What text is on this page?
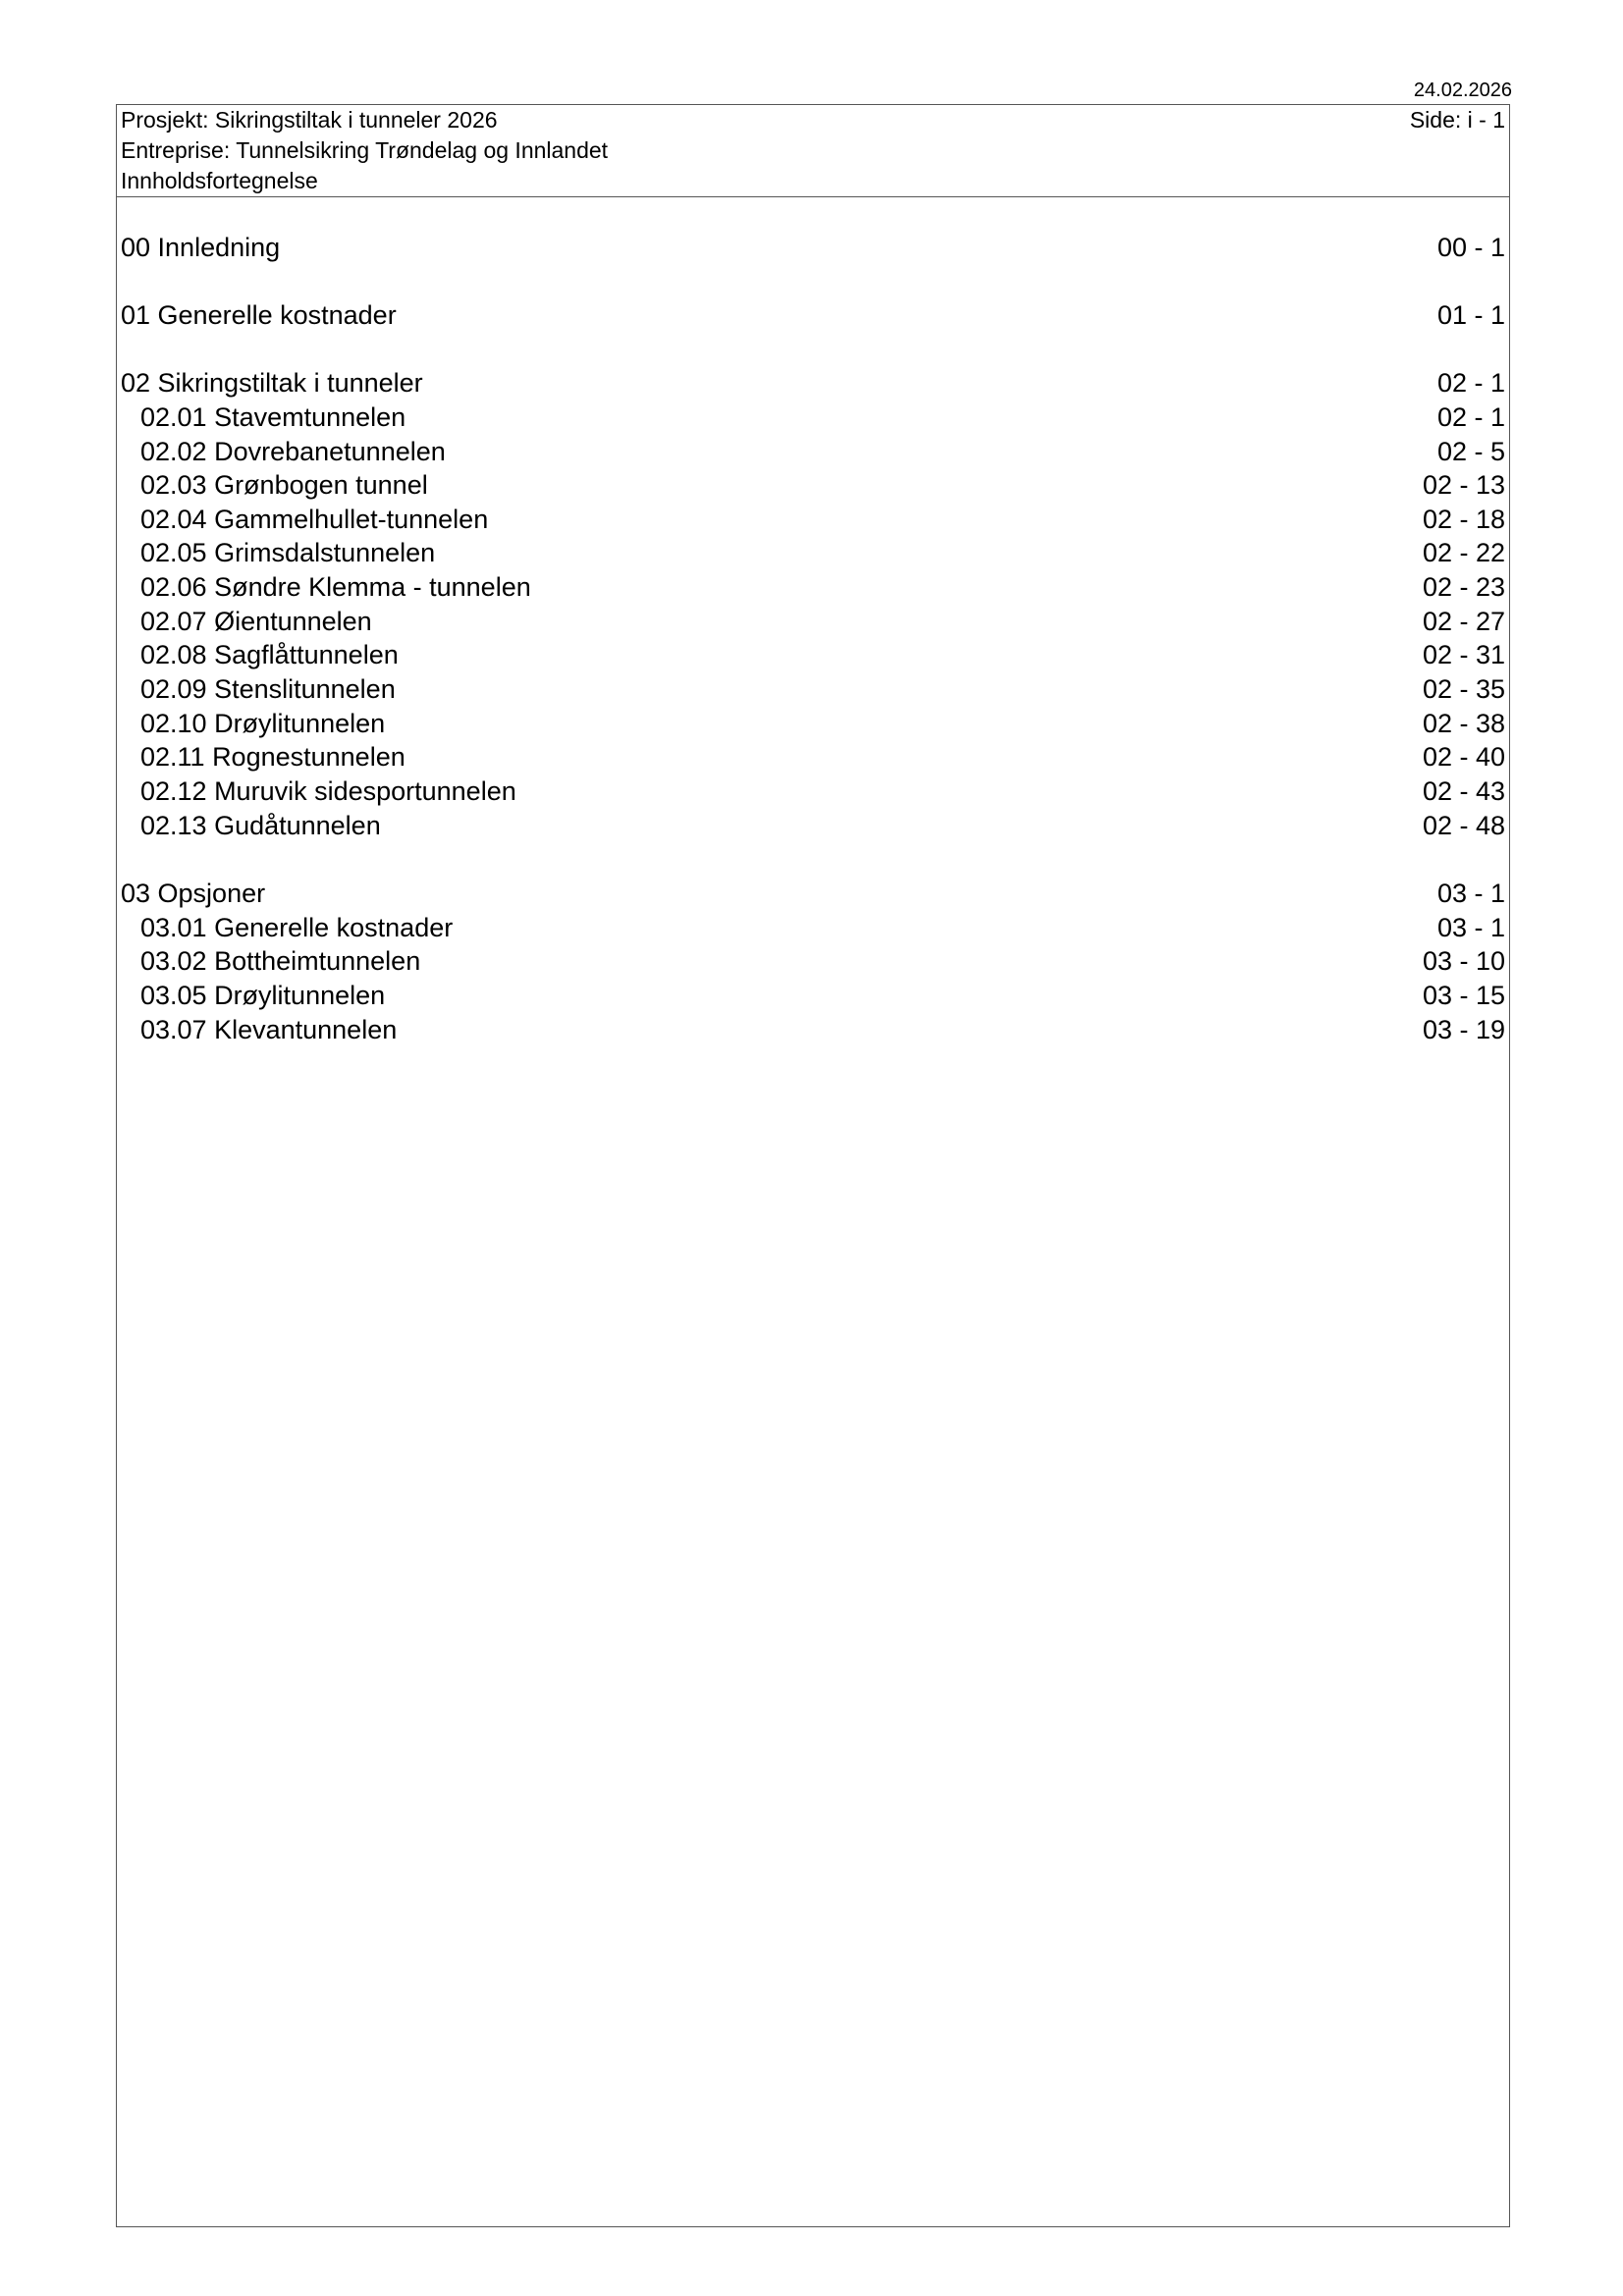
24.02.2026
Prosjekt: Sikringstiltak i tunneler 2026
Entreprise: Tunnelsikring Trøndelag og Innlandet
Innholdsfortegnelse
Side: i - 1
00 Innledning	00 - 1
01 Generelle kostnader	01 - 1
02 Sikringstiltak i tunneler	02 - 1
02.01 Stavemtunnelen	02 - 1
02.02 Dovrebanetunnelen	02 - 5
02.03 Grønbogen tunnel	02 - 13
02.04 Gammelhullet-tunnelen	02 - 18
02.05 Grimsdalstunnelen	02 - 22
02.06 Søndre Klemma - tunnelen	02 - 23
02.07 Øientunnelen	02 - 27
02.08 Sagflåttunnelen	02 - 31
02.09 Stenslitunnelen	02 - 35
02.10 Drøylitunnelen	02 - 38
02.11 Rognestunnelen	02 - 40
02.12 Muruvik sidesportunnelen	02 - 43
02.13 Gudåtunnelen	02 - 48
03 Opsjoner	03 - 1
03.01 Generelle kostnader	03 - 1
03.02 Bottheimtunnelen	03 - 10
03.05 Drøylitunnelen	03 - 15
03.07 Klevantunnelen	03 - 19
